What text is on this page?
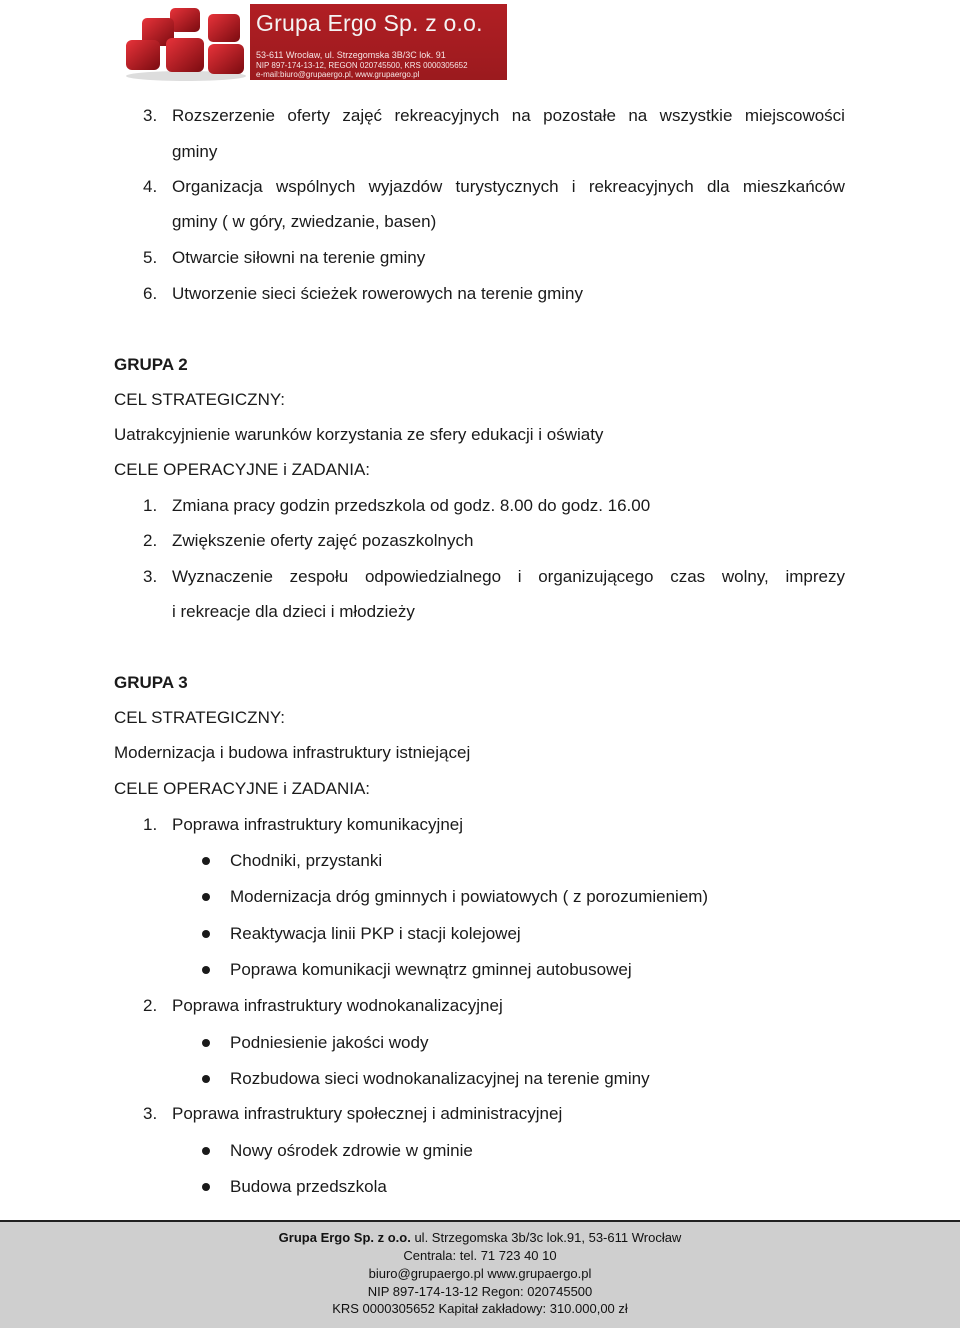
Grupa Ergo Sp. z o.o.
53-611 Wrocław, ul. Strzegomska 3B/3C lok. 91
NIP 897-174-13-12, REGON 020745500, KRS 0000305652
e-mail:biuro@grupaergo.pl, www.grupaergo.pl
3. Rozszerzenie oferty zajęć rekreacyjnych na pozostałe na wszystkie miejscowości
gminy
4. Organizacja wspólnych wyjazdów turystycznych i rekreacyjnych dla mieszkańców
gminy ( w góry, zwiedzanie, basen)
5. Otwarcie siłowni na terenie gminy
6. Utworzenie sieci ścieżek rowerowych na terenie gminy
GRUPA 2
CEL STRATEGICZNY:
Uatrakcyjnienie warunków korzystania ze sfery edukacji i oświaty
CELE OPERACYJNE i ZADANIA:
1. Zmiana pracy godzin przedszkola od godz. 8.00 do godz. 16.00
2. Zwiększenie oferty zajęć pozaszkolnych
3. Wyznaczenie zespołu odpowiedzialnego i organizującego czas wolny, imprezy
i rekreacje dla dzieci i młodzieży
GRUPA 3
CEL STRATEGICZNY:
Modernizacja i budowa infrastruktury istniejącej
CELE OPERACYJNE i ZADANIA:
1. Poprawa infrastruktury komunikacyjnej
Chodniki, przystanki
Modernizacja dróg gminnych i powiatowych ( z porozumieniem)
Reaktywacja linii PKP i stacji kolejowej
Poprawa komunikacji wewnątrz gminnej autobusowej
2. Poprawa infrastruktury wodnokanalizacyjnej
Podniesienie jakości wody
Rozbudowa sieci wodnokanalizacyjnej na terenie gminy
3. Poprawa infrastruktury społecznej i administracyjnej
Nowy ośrodek zdrowie w gminie
Budowa przedszkola
Grupa Ergo Sp. z o.o. ul. Strzegomska 3b/3c lok.91, 53-611 Wrocław
Centrala: tel. 71 723 40 10
biuro@grupaergo.pl www.grupaergo.pl
NIP 897-174-13-12 Regon: 020745500
KRS 0000305652 Kapitał zakładowy: 310.000,00 zł
